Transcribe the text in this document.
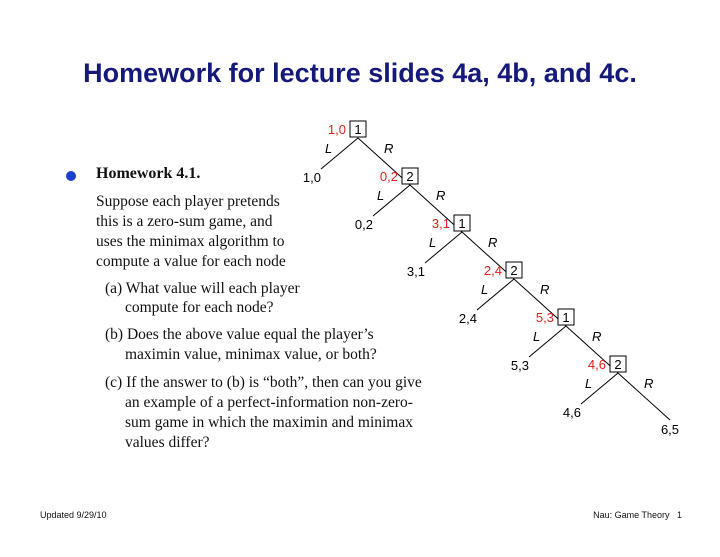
Homework for lecture slides 4a, 4b, and 4c.
Homework 4.1.
Suppose each player pretends
this is a zero-sum game, and
uses the minimax algorithm to
compute a value for each node
(a) What value will each player
compute for each node?
(b) Does the above value equal the player’s
maximin value, minimax value, or both?
(c) If the answer to (b) is “both”, then can you give
an example of a perfect-information non-zero-
sum game in which the maximin and minimax
values differ?
1
1,0
L	R
1,0	2
0,2
L	R
0,2	1
3,1
L	R
3,1	2
2,4
L	R
2,4	1
5,3
L	R
5,3	2
4,6
L	R
4,6
6,5
Updated 9/29/10	Nau: Game Theory   1
